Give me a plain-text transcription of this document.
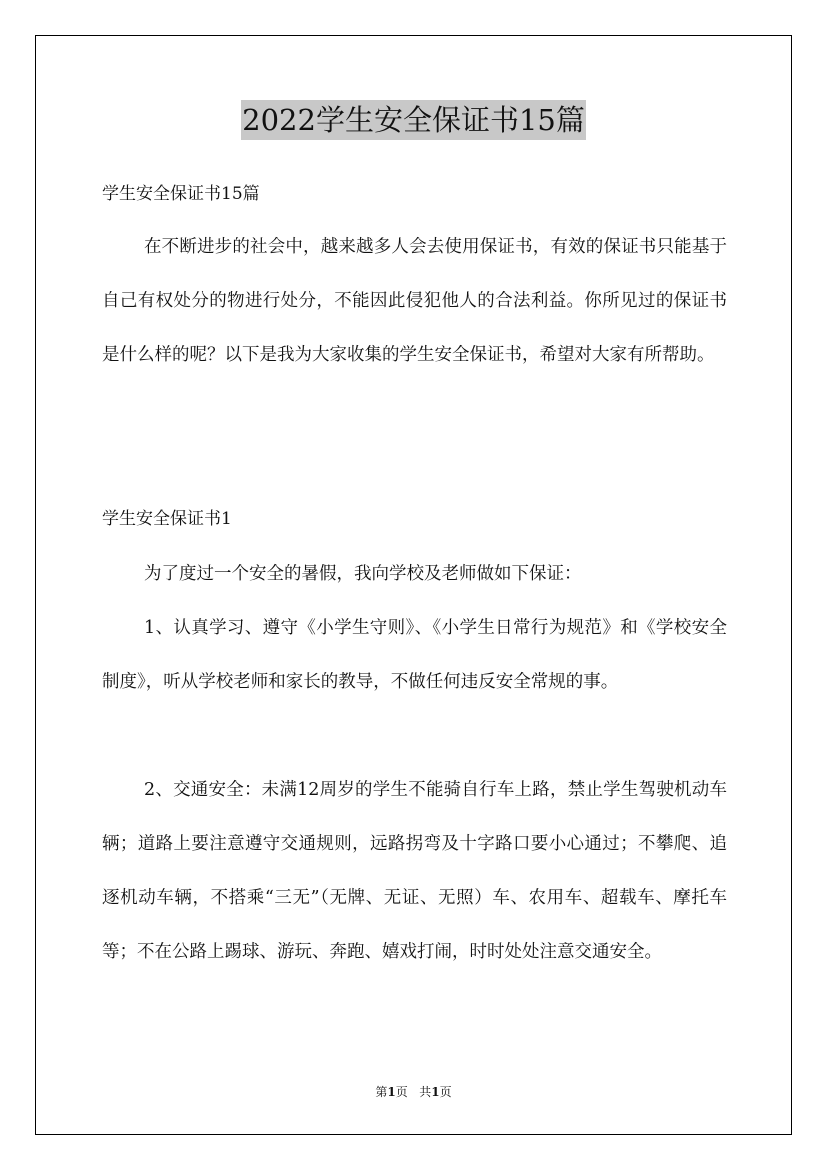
2022学生安全保证书15篇
学生安全保证书15篇

在不断进步的社会中，越来越多人会去使用保证书，有效的保证书只能基于自己有权处分的物进行处分，不能因此侵犯他人的合法利益。你所见过的保证书是什么样的呢？以下是我为大家收集的学生安全保证书，希望对大家有所帮助。

学生安全保证书1

为了度过一个安全的暑假，我向学校及老师做如下保证：

1、认真学习、遵守《小学生守则》、《小学生日常行为规范》和《学校安全制度》，听从学校老师和家长的教导，不做任何违反安全常规的事。

2、交通安全：未满12周岁的学生不能骑自行车上路，禁止学生驾驶机动车辆；道路上要注意遵守交通规则，远路拐弯及十字路口要小心通过；不攀爬、追逐机动车辆，不搭乘“三无”（无牌、无证、无照）车、农用车、超载车、摩托车等；不在公路上踢球、游玩、奔跑、嬉戏打闹，时时处处注意交通安全。

第1页   共1页
